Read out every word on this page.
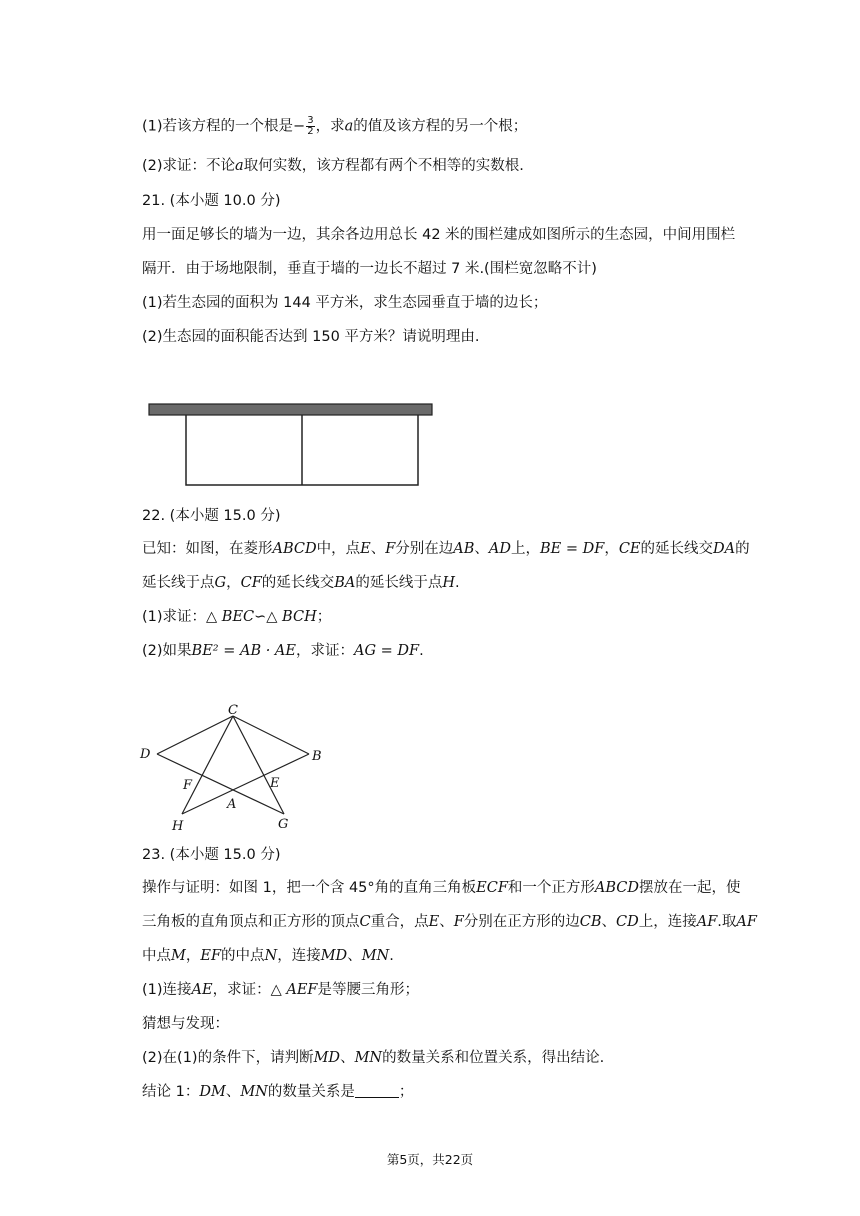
(1)若该方程的一个根是− $\frac{3}{2}$ ，求a的值及该方程的另一个根；
(2)求证：不论a取何实数，该方程都有两个不相等的实数根.
21. (本小题 10.0 分)
用一面足够长的墙为一边，其余各边用总长 42 米的围栏建成如图所示的生态园，中间用围栏
隔开．由于场地限制，垂直于墙的一边长不超过 7 米.(围栏宽忽略不计)
(1)若生态园的面积为 144 平方米，求生态园垂直于墙的边长；
(2)生态园的面积能否达到 150 平方米？请说明理由.
22. (本小题 15.0 分)
已知：如图，在菱形ABCD中，点E、F分别在边AB、AD上，BE = DF，CE的延长线交DA的
延长线于点G，CF的延长线交BA的延长线于点H.
(1)求证：△ BEC∽△ BCH；
(2)如果BE² = AB · AE，求证：AG = DF.
C
D	B
F	E
A
H	G
23. (本小题 15.0 分)
操作与证明：如图 1，把一个含 45°角的直角三角板ECF和一个正方形ABCD摆放在一起，使
三角板的直角顶点和正方形的顶点C重合，点E、F分别在正方形的边CB、CD上，连接AF.取AF
中点M，EF的中点N，连接MD、MN.
(1)连接AE，求证：△ AEF是等腰三角形；
猜想与发现：
(2)在(1)的条件下，请判断MD、MN的数量关系和位置关系，得出结论.
结论 1：DM、MN的数量关系是	；
第5页，共22页
